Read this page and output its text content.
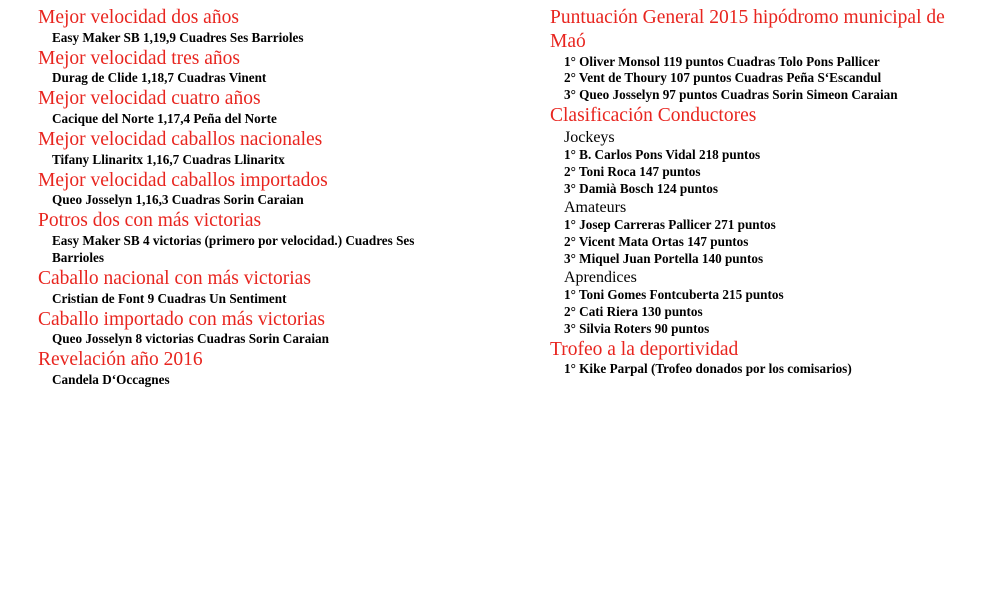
Mejor velocidad dos años
Easy Maker SB 1,19,9 Cuadres Ses Barrioles
Mejor velocidad tres años
Durag de Clide 1,18,7 Cuadras Vinent
Mejor velocidad cuatro años
Cacique del Norte 1,17,4 Peña del Norte
Mejor velocidad caballos nacionales
Tifany Llinaritx 1,16,7 Cuadras Llinaritx
Mejor velocidad caballos importados
Queo Josselyn 1,16,3 Cuadras Sorin Caraian
Potros dos con más victorias
Easy Maker SB 4 victorias (primero por velocidad.) Cuadres Ses Barrioles
Caballo nacional con más victorias
Cristian de Font 9 Cuadras Un Sentiment
Caballo importado con más victorias
Queo Josselyn 8 victorias Cuadras Sorin Caraian
Revelación año 2016
Candela D‘Occagnes
Puntuación General 2015 hipódromo municipal de Maó
1° Oliver Monsol 119 puntos Cuadras Tolo Pons Pallicer
2° Vent de Thoury 107 puntos Cuadras Peña S‘Escandul
3° Queo Josselyn 97 puntos Cuadras Sorin Simeon Caraian
Clasificación Conductores
Jockeys
1° B. Carlos Pons Vidal 218 puntos
2° Toni Roca 147 puntos
3° Damià Bosch 124 puntos
Amateurs
1° Josep Carreras Pallicer 271 puntos
2° Vicent Mata Ortas 147 puntos
3° Miquel Juan Portella 140 puntos
Aprendices
1° Toni Gomes Fontcuberta 215 puntos
2° Cati Riera 130 puntos
3° Silvia Roters 90 puntos
Trofeo a la deportividad
1° Kike Parpal (Trofeo donados por los comisarios)
